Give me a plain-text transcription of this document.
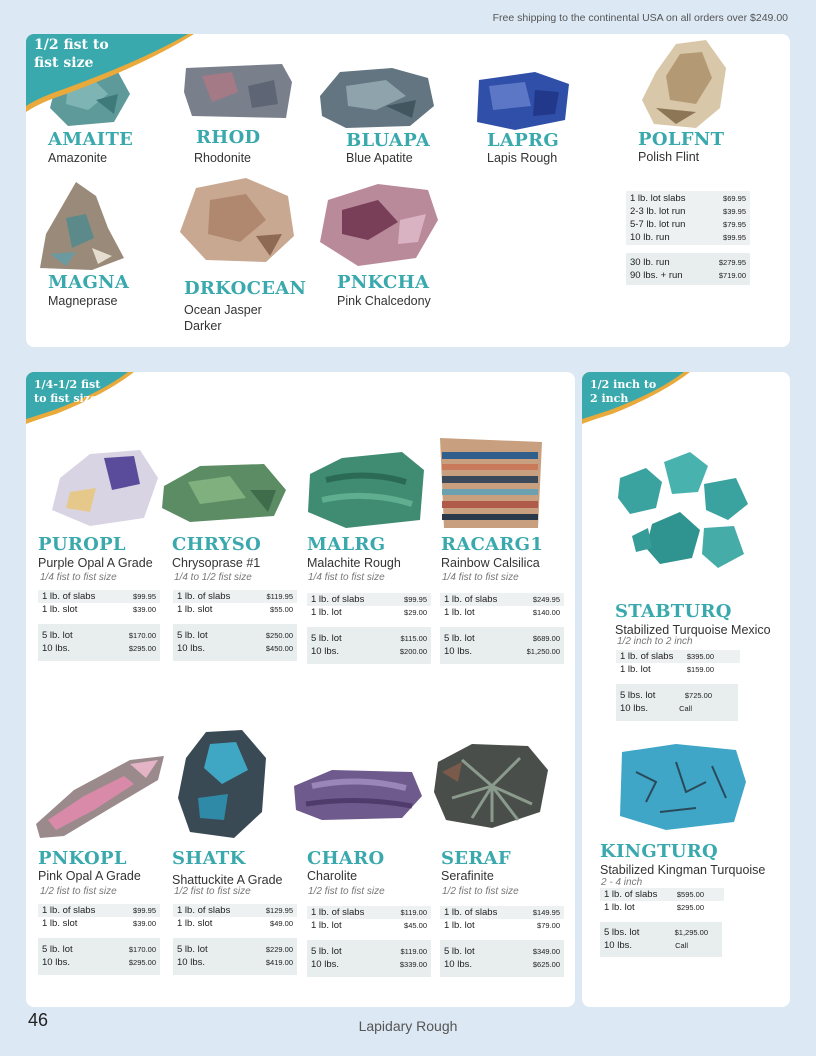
Free shipping to the continental USA on all orders over $249.00
1/2 fist to
fist size
AMAITE
Amazonite
RHOD
Rhodonite
BLUAPA
Blue Apatite
LAPRG
Lapis Rough
POLFNT
Polish Flint
MAGNA
Magneprase
DRKOCEAN
Ocean Jasper
Darker
PNKCHA
Pink Chalcedony
1 lb. lot slabs	$69.95
2-3 lb. lot run	$39.95
5-7 lb. lot run	$79.95
10 lb. run	$99.95
30 lb. run	$279.95
90 lbs. + run	$719.00
1/4-1/2 fist
to fist size
PUROPL
Purple Opal A Grade
1/4 fist to fist size
1 lb. of slabs	$99.95
1 lb. slot	$39.00
5 lb. lot	$170.00
10 lbs.	$295.00
CHRYSO
Chrysoprase #1
1/4 to 1/2 fist size
1 lb. of slabs	$119.95
1 lb. slot	$55.00
5 lb. lot	$250.00
10 lbs.	$450.00
MALRG
Malachite Rough
1/4 fist to fist size
1 lb. of slabs	$99.95
1 lb. lot	$29.00
5 lb. lot	$115.00
10 lbs.	$200.00
RACARG1
Rainbow Calsilica
1/4 fist to fist size
1 lb. of slabs	$249.95
1 lb. lot	$140.00
5 lb. lot	$689.00
10 lbs.	$1,250.00
PNKOPL
Pink Opal A Grade
1/2 fist to fist size
1 lb. of slabs	$99.95
1 lb. slot	$39.00
5 lb. lot	$170.00
10 lbs.	$295.00
SHATK
Shattuckite A Grade
1/2 fist to fist size
1 lb. of slabs	$129.95
1 lb. slot	$49.00
5 lb. lot	$229.00
10 lbs.	$419.00
CHARO
Charolite
1/2 fist to fist size
1 lb. of slabs	$119.00
1 lb. lot	$45.00
5 lb. lot	$119.00
10 lbs.	$339.00
SERAF
Serafinite
1/2 fist to fist size
1 lb. of slabs	$149.95
1 lb. lot	$79.00
5 lb. lot	$349.00
10 lbs.	$625.00
1/2 inch to
2 inch
STABTURQ
Stabilized Turquoise Mexico
1/2 inch to 2 inch
1 lb. of slabs $395.00
1 lb. lot	$159.00
5 lbs. lot	$725.00
10 lbs.	Call
KINGTURQ
Stabilized Kingman Turquoise
2 - 4 inch
1 lb. of slabs	$595.00
1 lb. lot	$295.00
5 lbs. lot	$1,295.00
10 lbs.	Call
46	Lapidary Rough
